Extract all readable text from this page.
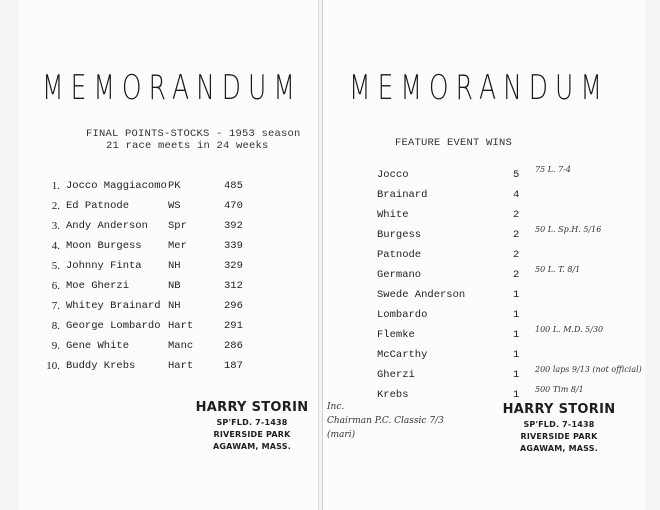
MEMORANDUM
FINAL POINTS-STOCKS - 1953 season
21 race meets in 24 weeks
1. Jocco Maggiacomo PK	485
2. Ed Patnode	WS	470
3. Andy Anderson Spr	392
4. Moon Burgess	Mer	339
5. Johnny Finta	NH	329
6. Moe Gherzi	NB	312
7. Whitey Brainard NH	296
8. George Lombardo Hart	291
9. Gene White	Manc	286
10. Buddy Krebs	Hart	187
HARRY STORIN
SP'FLD. 7-1438
RIVERSIDE PARK
AGAWAM, MASS.
MEMORANDUM
FEATURE EVENT WINS
Jocco	5 75 L. 7-4
Brainard	4
White	2
Burgess	2 50 L. Sp.H. 5/16
Patnode	2
Germano	2 50 L. T. 8/1
Swede Anderson	1
Lombardo	1
Flemke	1 100 L. M.D. 5/30
McCarthy	1
Gherzi	1 200 laps 9/13 (not official)
Krebs	1 500 Tim 8/1
Inc.
Chairman P.C. Classic 7/3
(mari)
HARRY STORIN
SP'FLD. 7-1438
RIVERSIDE PARK
AGAWAM, MASS.
